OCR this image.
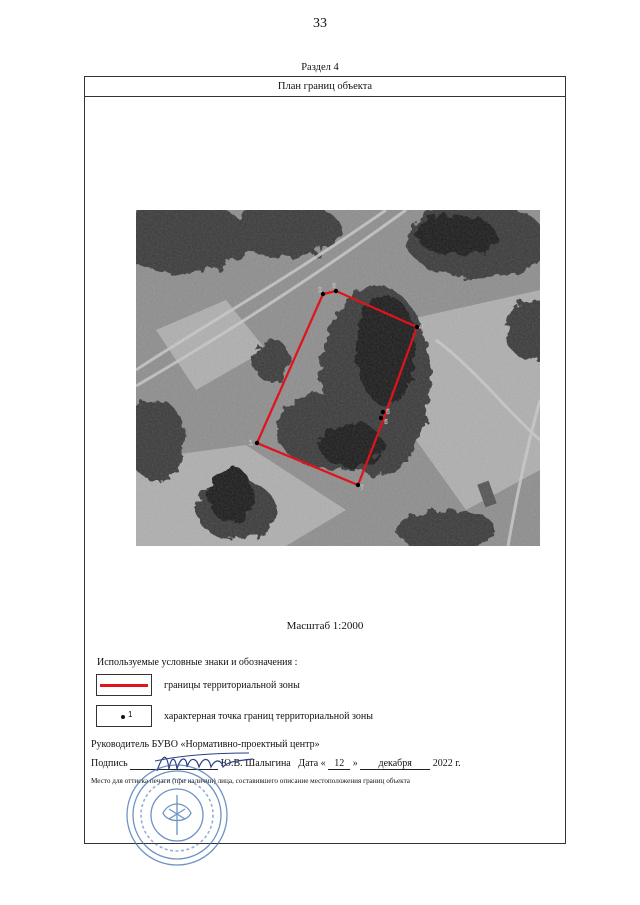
33
Раздел 4
План границ объекта
1
2
3
4
5
6
7
Масштаб 1:2000
Используемые условные знаки и обозначения :
границы территориальной зоны
1	характерная точка границ территориальной зоны
Руководитель БУВО «Нормативно-проектный центр»
Подпись	Ю.В. Шалыгина Дата « 12 » декабря 2022 г.
Место для оттиска печати (при наличии) лица, составившего описание местоположения границ объекта
